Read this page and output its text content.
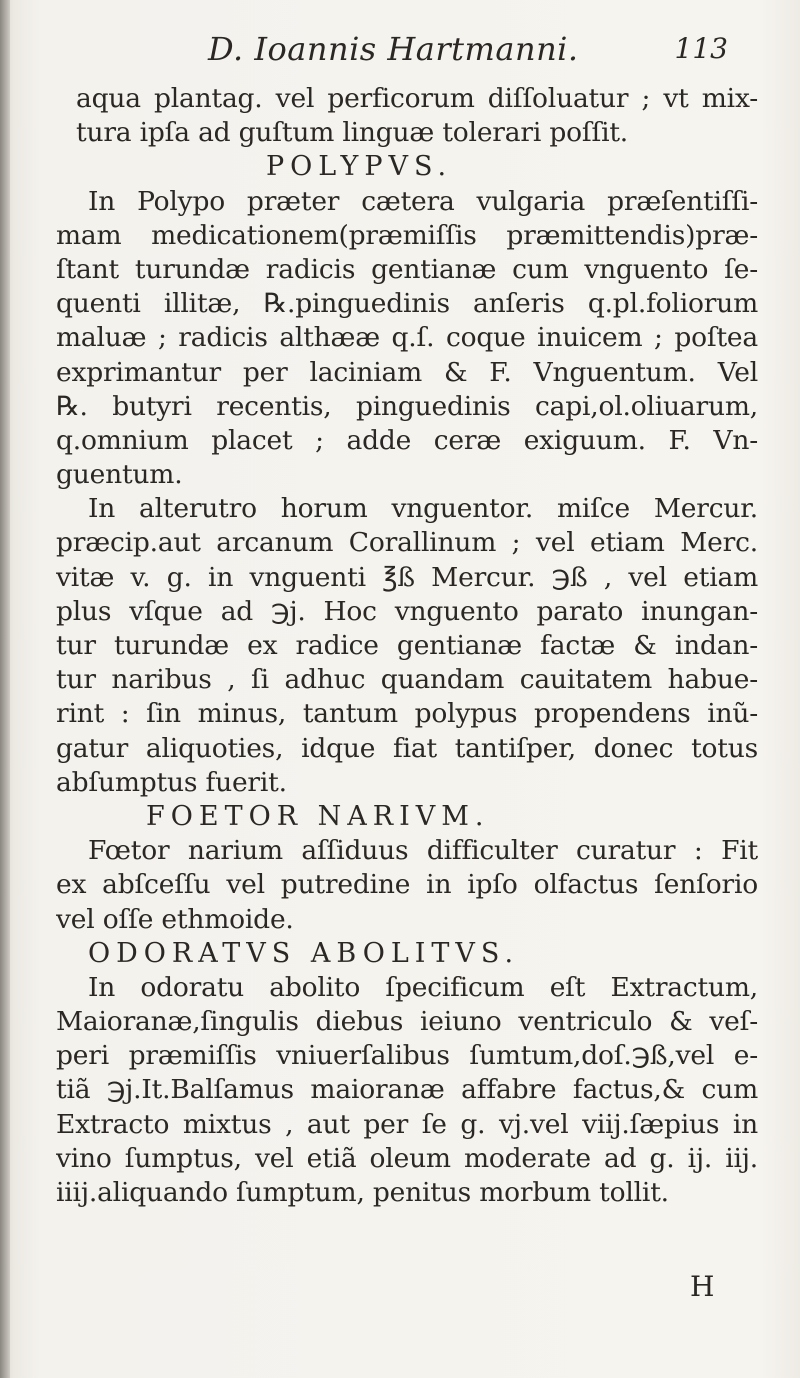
D. Ioannis Hartmanni.	113
aqua plantag. vel perficorum diſſoluatur ; vt mix-
tura ipſa ad guſtum linguæ tolerari poſſit.
POLYPVS.
In Polypo præter cætera vulgaria præſentiſſi-
mam medicationem(præmiſſis præmittendis)præ-
ſtant turundæ radicis gentianæ cum vnguento ſe-
quenti illitæ, ℞.pinguedinis anſeris q.pl.foliorum
maluæ ; radicis althææ q.ſ. coque inuicem ; poſtea
exprimantur per laciniam & F. Vnguentum. Vel
℞. butyri recentis, pinguedinis capi,ol.oliuarum,
q.omnium placet ; adde ceræ exiguum. F. Vn-
guentum.
In alterutro horum vnguentor. miſce Mercur.
præcip.aut arcanum Corallinum ; vel etiam Merc.
vitæ v. g. in vnguenti ℥ß Mercur. ℈ß , vel etiam
plus vſque ad ℈j. Hoc vnguento parato inungan-
tur turundæ ex radice gentianæ factæ & indan-
tur naribus , ſi adhuc quandam cauitatem habue-
rint : ſin minus, tantum polypus propendens inũ-
gatur aliquoties, idque fiat tantiſper, donec totus
abſumptus fuerit.
FOETOR NARIVM.
Fœtor narium aſſiduus difficulter curatur : Fit
ex abſceſſu vel putredine in ipſo olfactus ſenſorio
vel oſſe ethmoide.
ODORATVS ABOLITVS.
In odoratu abolito ſpecificum eſt Extractum,
Maioranæ,ſingulis diebus ieiuno ventriculo & veſ-
peri præmiſſis vniuerſalibus ſumtum,doſ.℈ß,vel e-
tiã ℈j.It.Balſamus maioranæ affabre factus,& cum
Extracto mixtus , aut per ſe g. vj.vel viij.ſæpius in
vino ſumptus, vel etiã oleum moderate ad g. ij. iij.
iiij.aliquando ſumptum, penitus morbum tollit.
H
